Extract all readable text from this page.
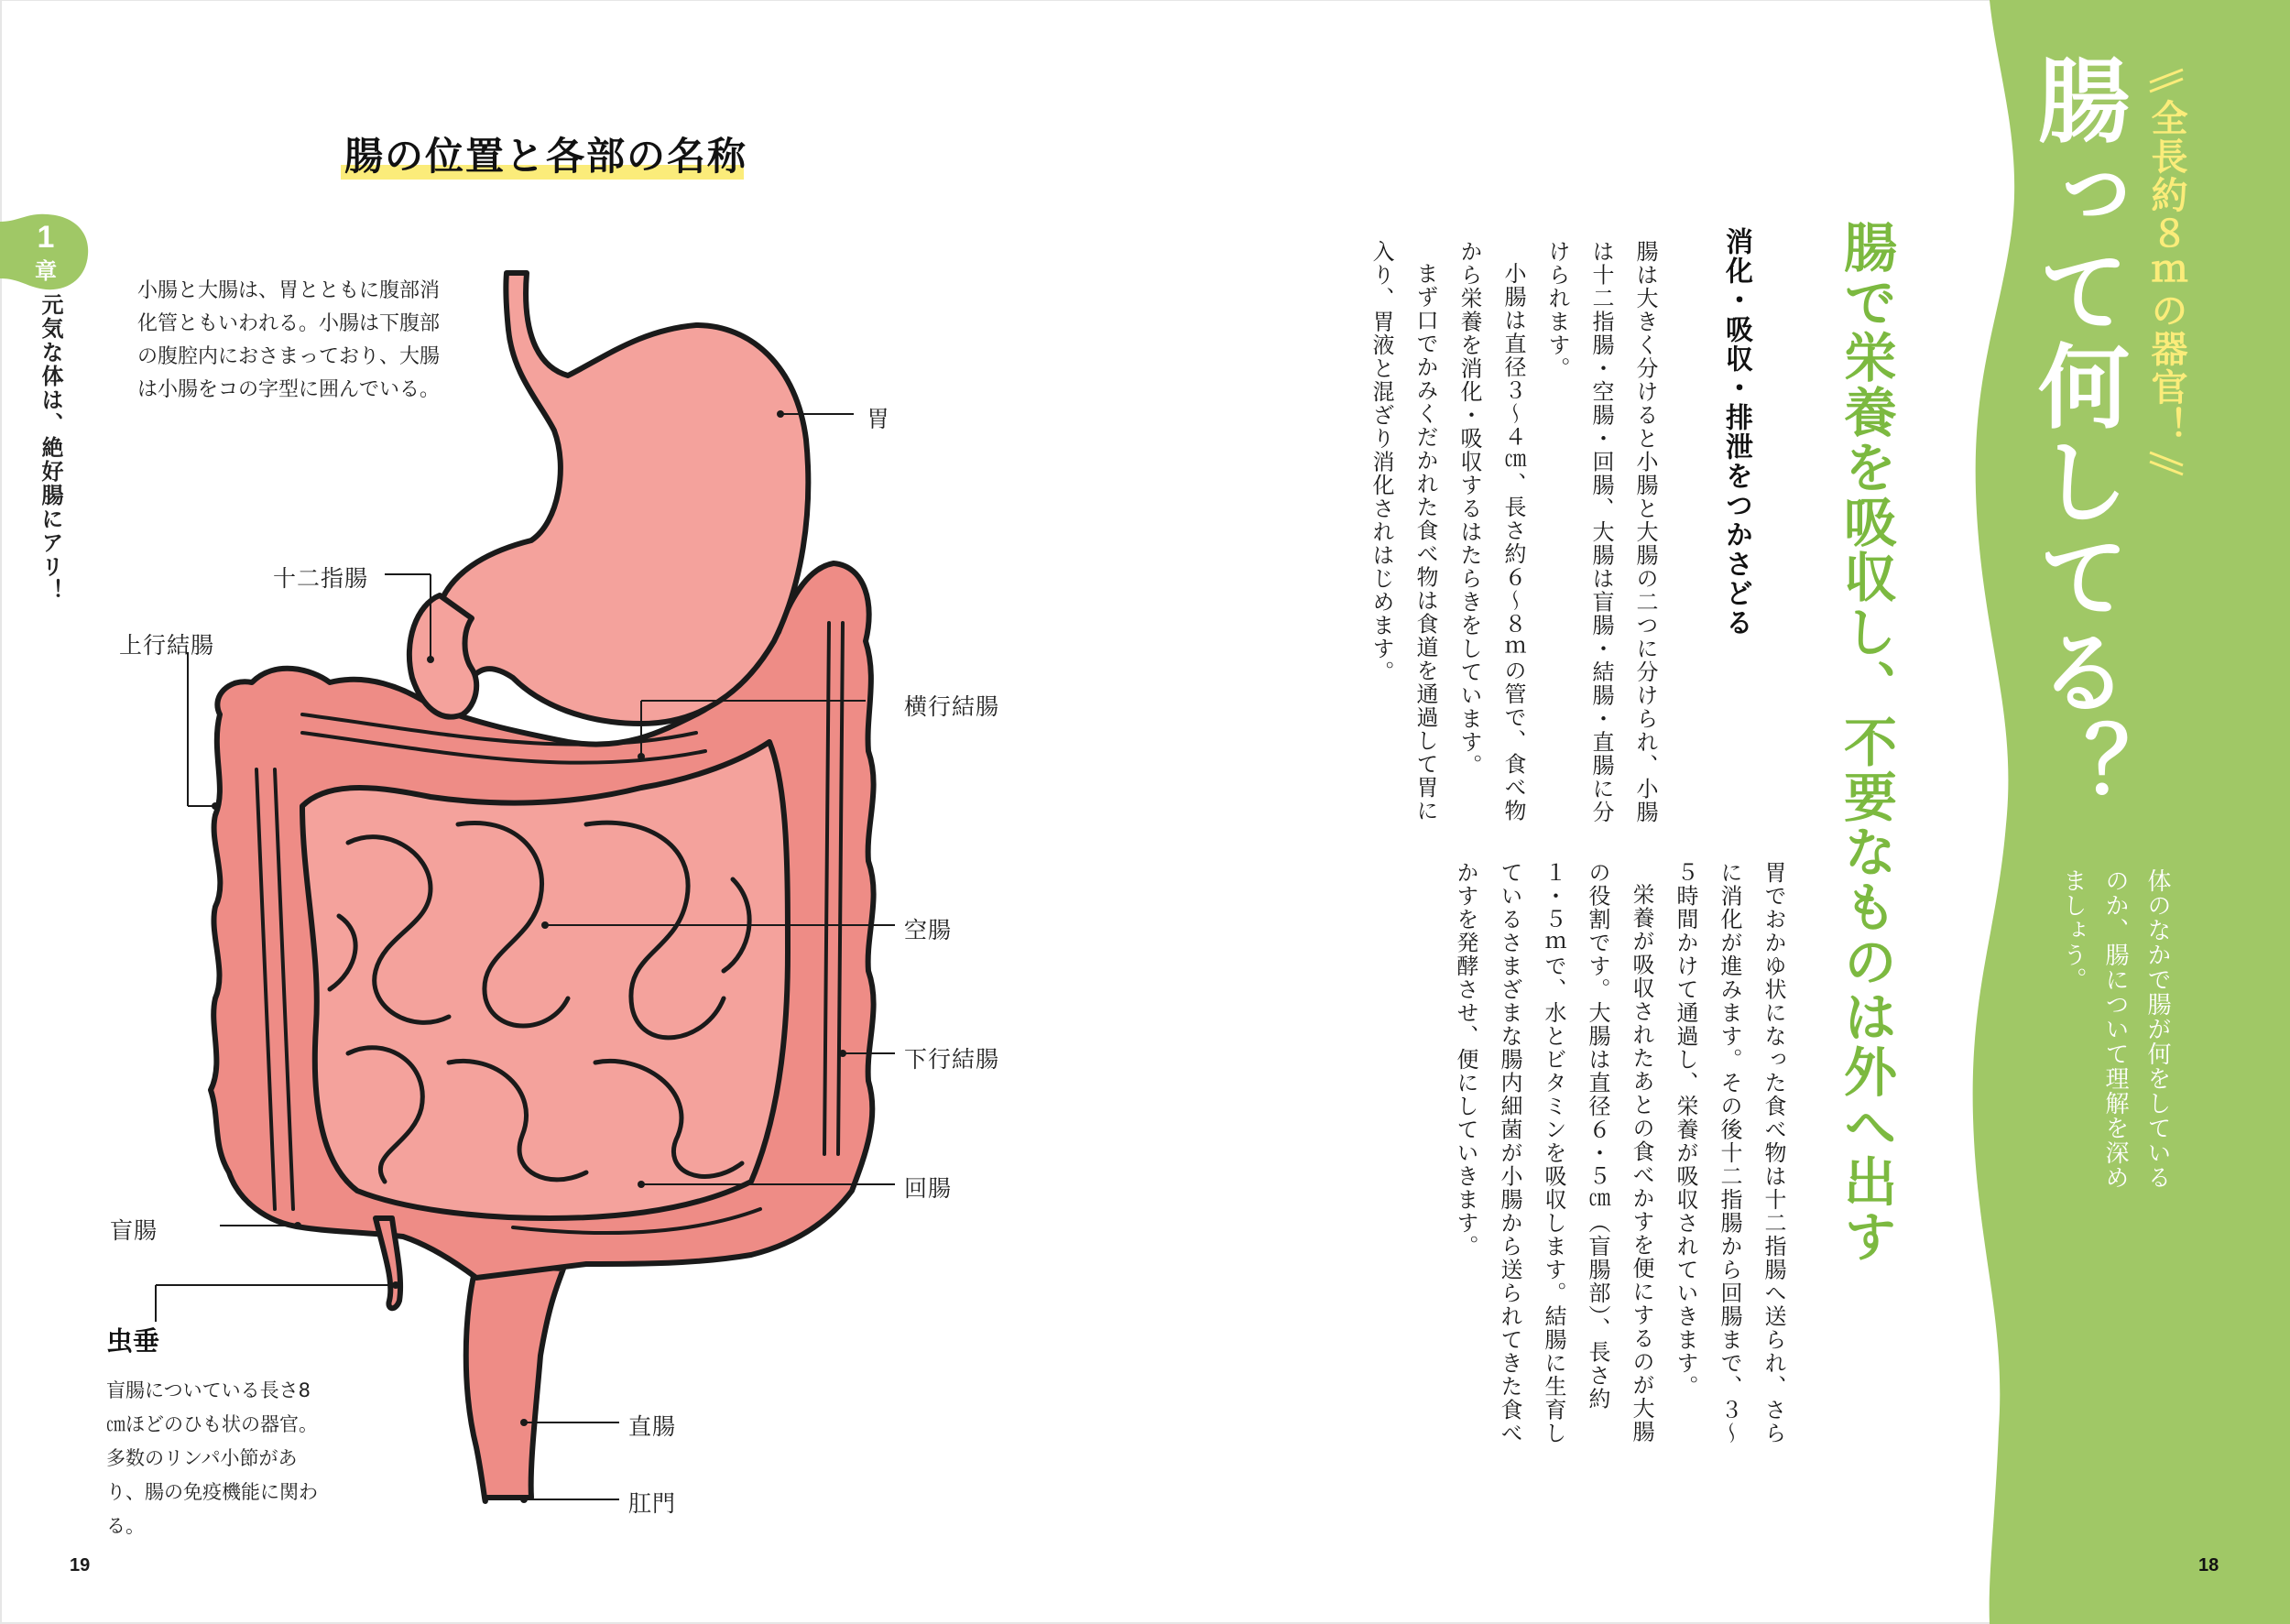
1
章
元気な体は、絶好腸にアリ！
腸の位置と各部の名称
小腸と大腸は、胃とともに腹部消化管ともいわれる。小腸は下腹部の腹腔内におさまっており、大腸は小腸をコの字型に囲んでいる。
胃
十二指腸
上行結腸
横行結腸
空腸
下行結腸
回腸
盲腸
直腸
肛門
虫垂
盲腸についている長さ8㎝ほどのひも状の器官。多数のリンパ小節があり、腸の免疫機能に関わる。
19
全長約８ｍの器官！
腸って何してる？
体のなかで腸が何をしているのか、腸について理解を深めましょう。
18
腸で栄養を吸収し、不要なものは外へ出す
消化・吸収・排泄をつかさどる

腸は大きく分けると小腸と大腸の二つに分けられ、小腸は十二指腸・空腸・回腸、大腸は盲腸・結腸・直腸に分けられます。

小腸は直径３～４㎝、長さ約６～８ｍの管で、食べ物から栄養を消化・吸収するはたらきをしています。

まず口でかみくだかれた食べ物は食道を通過して胃に入り、胃液と混ざり消化されはじめます。

胃でおかゆ状になった食べ物は十二指腸へ送られ、さらに消化が進みます。その後十二指腸から回腸まで、３～５時間かけて通過し、栄養が吸収されていきます。

栄養が吸収されたあとの食べかすを便にするのが大腸の役割です。大腸は直径６・５㎝（盲腸部）、長さ約１・５ｍで、水とビタミンを吸収します。結腸に生育しているさまざまな腸内細菌が小腸から送られてきた食べかすを発酵させ、便にしていきます。
